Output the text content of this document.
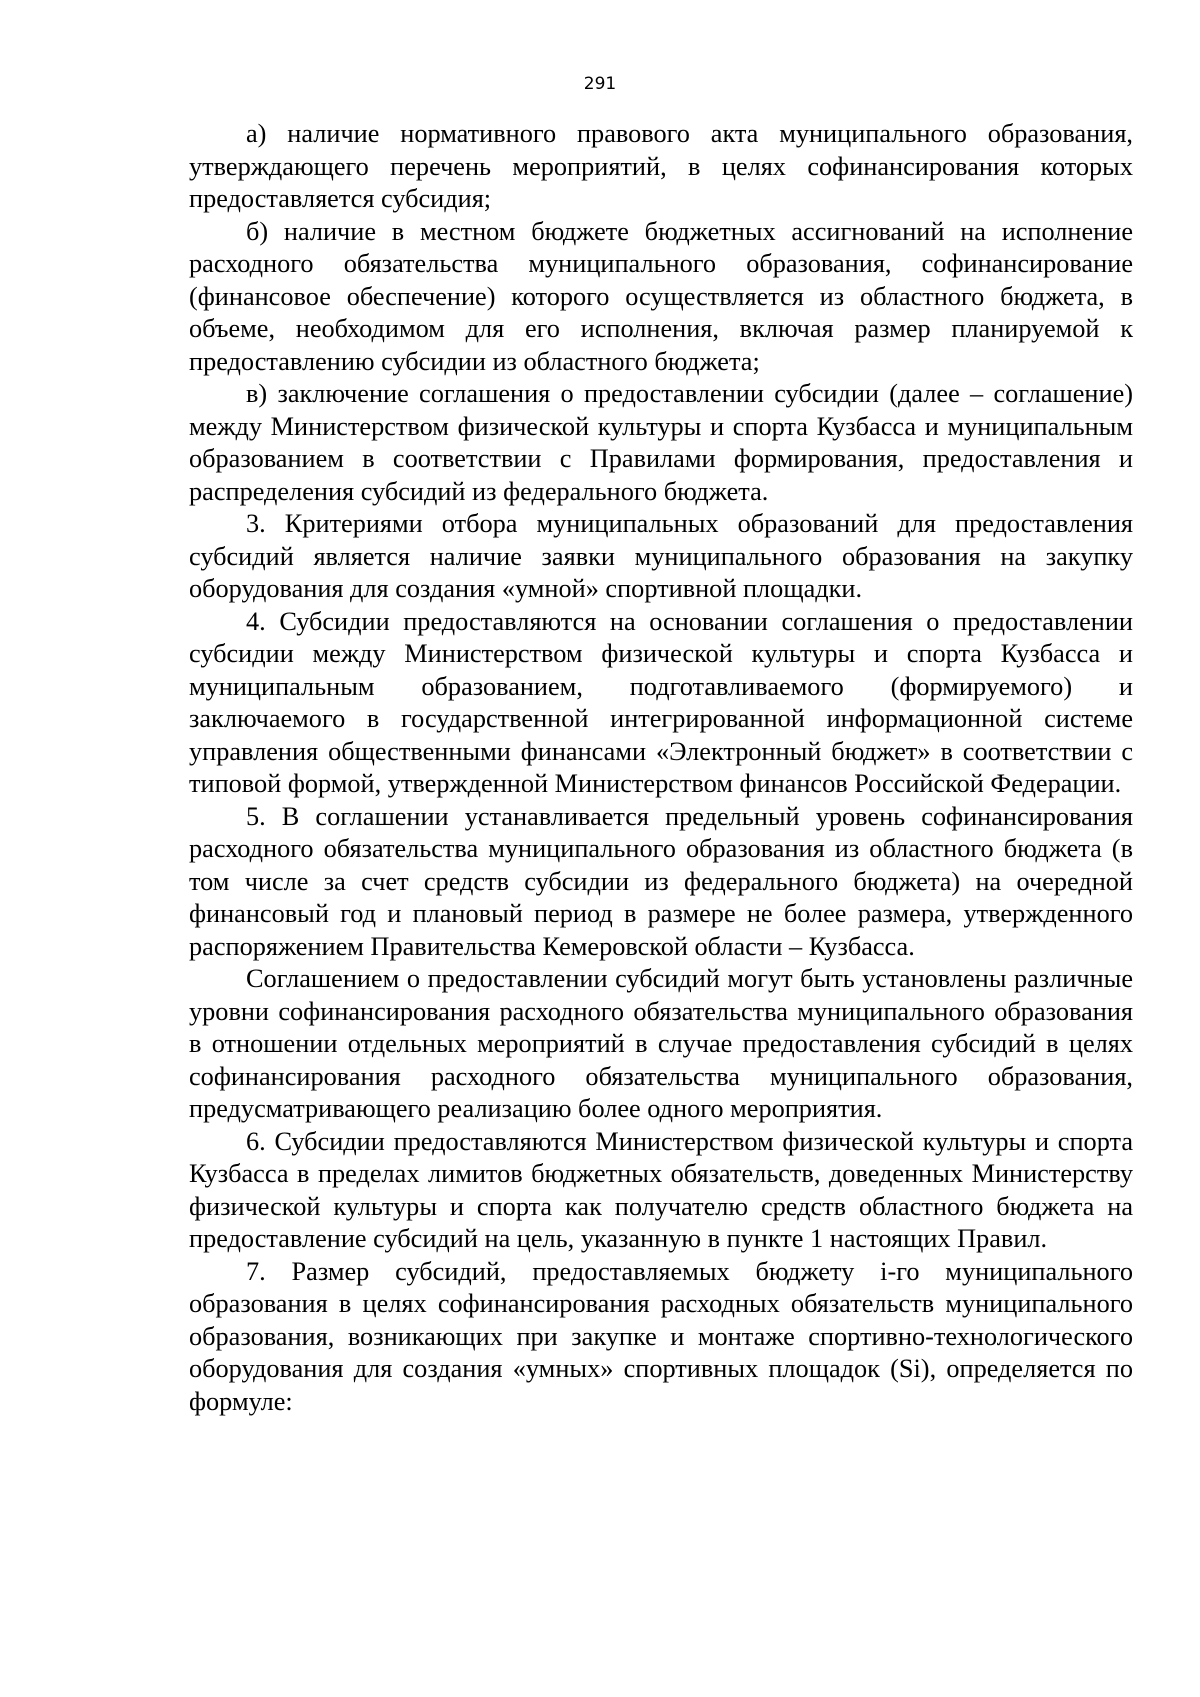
291

а) наличие нормативного правового акта муниципального образования, утверждающего перечень мероприятий, в целях софинансирования которых предоставляется субсидия;

б) наличие в местном бюджете бюджетных ассигнований на исполнение расходного обязательства муниципального образования, софинансирование (финансовое обеспечение) которого осуществляется из областного бюджета, в объеме, необходимом для его исполнения, включая размер планируемой к предоставлению субсидии из областного бюджета;

в) заключение соглашения о предоставлении субсидии (далее – соглашение) между Министерством физической культуры и спорта Кузбасса и муниципальным образованием в соответствии с Правилами формирования, предоставления и распределения субсидий из федерального бюджета.

3. Критериями отбора муниципальных образований для предоставления субсидий является наличие заявки муниципального образования на закупку оборудования для создания «умной» спортивной площадки.

4. Субсидии предоставляются на основании соглашения о предоставлении субсидии между Министерством физической культуры и спорта Кузбасса и муниципальным образованием, подготавливаемого (формируемого) и заключаемого в государственной интегрированной информационной системе управления общественными финансами «Электронный бюджет» в соответствии с типовой формой, утвержденной Министерством финансов Российской Федерации.

5. В соглашении устанавливается предельный уровень софинансирования расходного обязательства муниципального образования из областного бюджета (в том числе за счет средств субсидии из федерального бюджета) на очередной финансовый год и плановый период в размере не более размера, утвержденного распоряжением Правительства Кемеровской области – Кузбасса.

Соглашением о предоставлении субсидий могут быть установлены различные уровни софинансирования расходного обязательства муниципального образования в отношении отдельных мероприятий в случае предоставления субсидий в целях софинансирования расходного обязательства муниципального образования, предусматривающего реализацию более одного мероприятия.

6. Субсидии предоставляются Министерством физической культуры и спорта Кузбасса в пределах лимитов бюджетных обязательств, доведенных Министерству физической культуры и спорта как получателю средств областного бюджета на предоставление субсидий на цель, указанную в пункте 1 настоящих Правил.

7. Размер субсидий, предоставляемых бюджету i-го муниципального образования в целях софинансирования расходных обязательств муниципального образования, возникающих при закупке и монтаже спортивно-технологического оборудования для создания «умных» спортивных площадок (Si), определяется по формуле:
